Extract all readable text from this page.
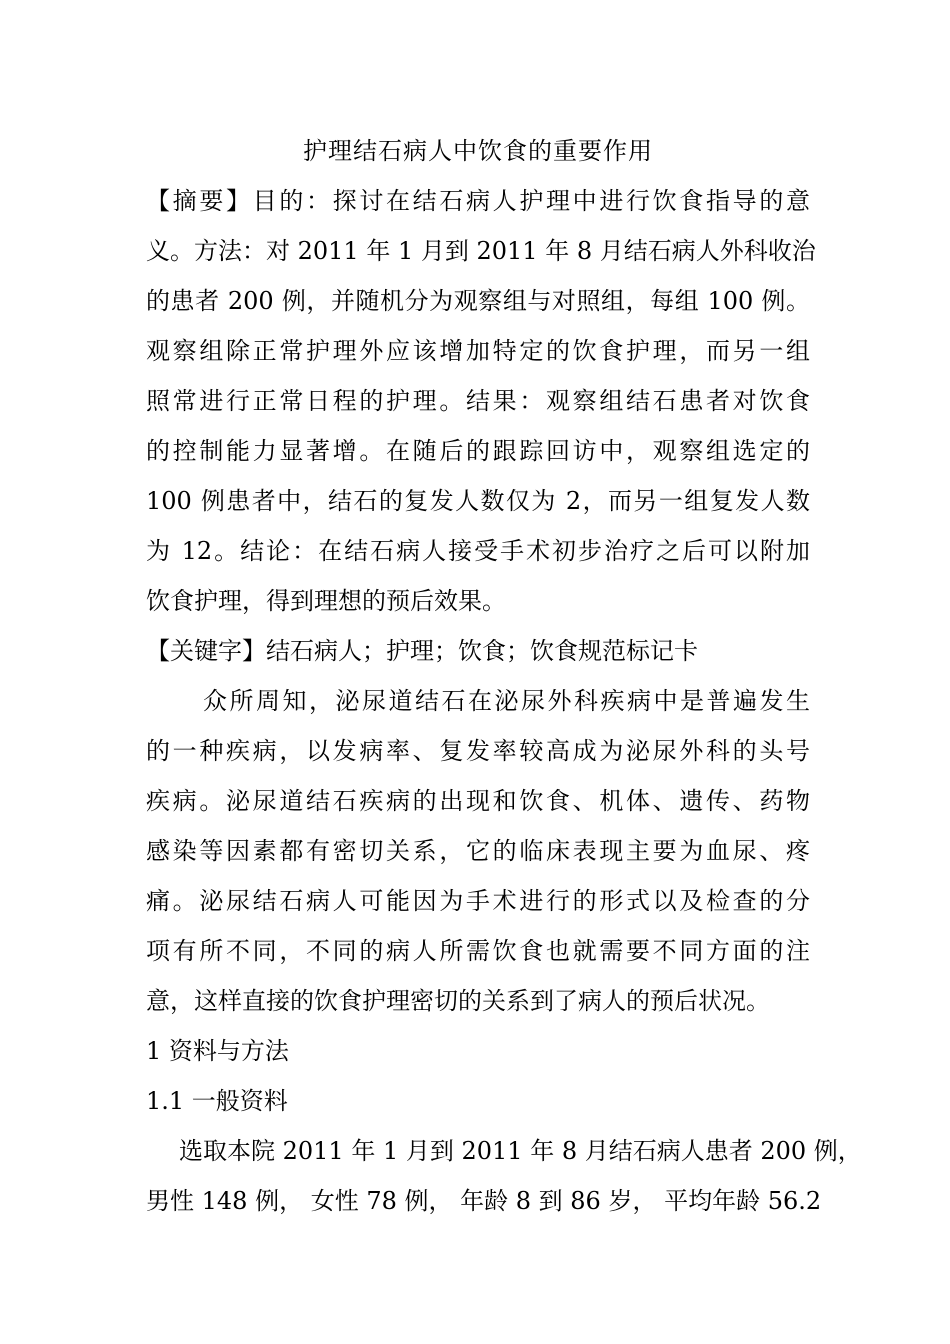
护理结石病人中饮食的重要作用
【摘要】目的：探讨在结石病人护理中进行饮食指导的意
义。方法：对 2011 年 1 月到 2011 年 8 月结石病人外科收治
的患者 200 例，并随机分为观察组与对照组，每组 100 例。
观察组除正常护理外应该增加特定的饮食护理，而另一组
照常进行正常日程的护理。结果：观察组结石患者对饮食
的控制能力显著增。在随后的跟踪回访中，观察组选定的
100 例患者中，结石的复发人数仅为 2，而另一组复发人数
为 12。结论：在结石病人接受手术初步治疗之后可以附加
饮食护理，得到理想的预后效果。
【关键字】结石病人；护理；饮食；饮食规范标记卡
众所周知，泌尿道结石在泌尿外科疾病中是普遍发生
的一种疾病，以发病率、复发率较高成为泌尿外科的头号
疾病。泌尿道结石疾病的出现和饮食、机体、遗传、药物
感染等因素都有密切关系，它的临床表现主要为血尿、疼
痛。泌尿结石病人可能因为手术进行的形式以及检查的分
项有所不同，不同的病人所需饮食也就需要不同方面的注
意，这样直接的饮食护理密切的关系到了病人的预后状况。
1 资料与方法
1.1 一般资料
选取本院 2011 年 1 月到 2011 年 8 月结石病人患者 200 例，
男性 148 例， 女性 78 例， 年龄 8 到 86 岁， 平均年龄 56.2
